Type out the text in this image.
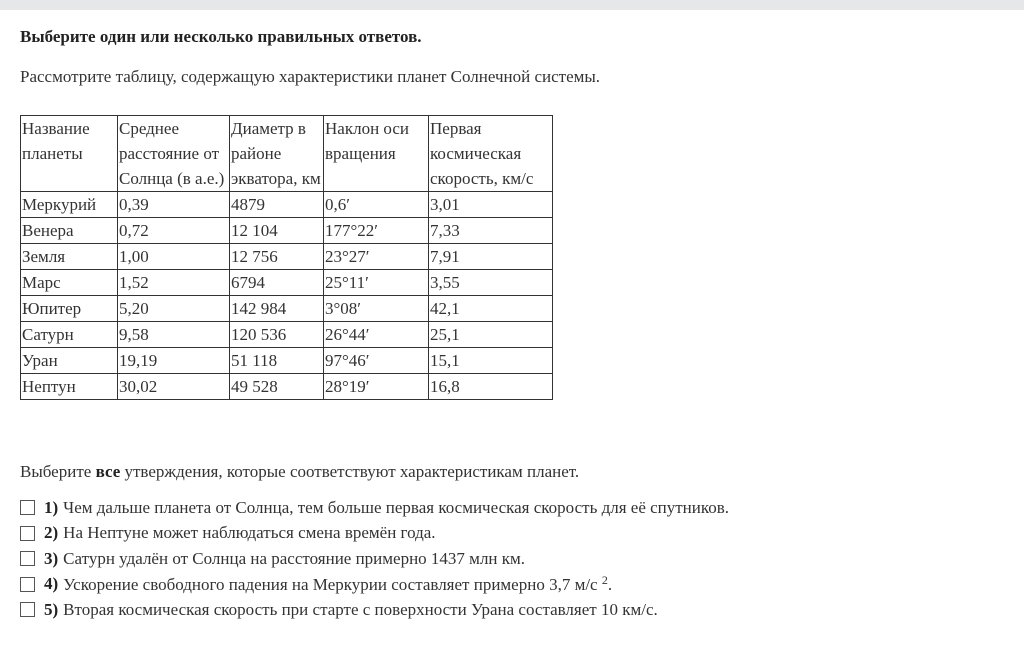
Выберите один или несколько правильных ответов.
Рассмотрите таблицу, содержащую характеристики планет Солнечной системы.
Название планеты	Среднее расстояние от Солнца (в а.е.)	Диаметр в районе экватора, км	Наклон оси вращения	Первая космическая скорость, км/с
Меркурий	0,39	4879	0,6′	3,01
Венера	0,72	12 104	177°22′	7,33
Земля	1,00	12 756	23°27′	7,91
Марс	1,52	6794	25°11′	3,55
Юпитер	5,20	142 984	3°08′	42,1
Сатурн	9,58	120 536	26°44′	25,1
Уран	19,19	51 118	97°46′	15,1
Нептун	30,02	49 528	28°19′	16,8
Выберите все утверждения, которые соответствуют характеристикам планет.
1) Чем дальше планета от Солнца, тем больше первая космическая скорость для её спутников.
2) На Нептуне может наблюдаться смена времён года.
3) Сатурн удалён от Солнца на расстояние примерно 1437 млн км.
4) Ускорение свободного падения на Меркурии составляет примерно 3,7 м/с $^2$.
5) Вторая космическая скорость при старте с поверхности Урана составляет 10 км/с.
